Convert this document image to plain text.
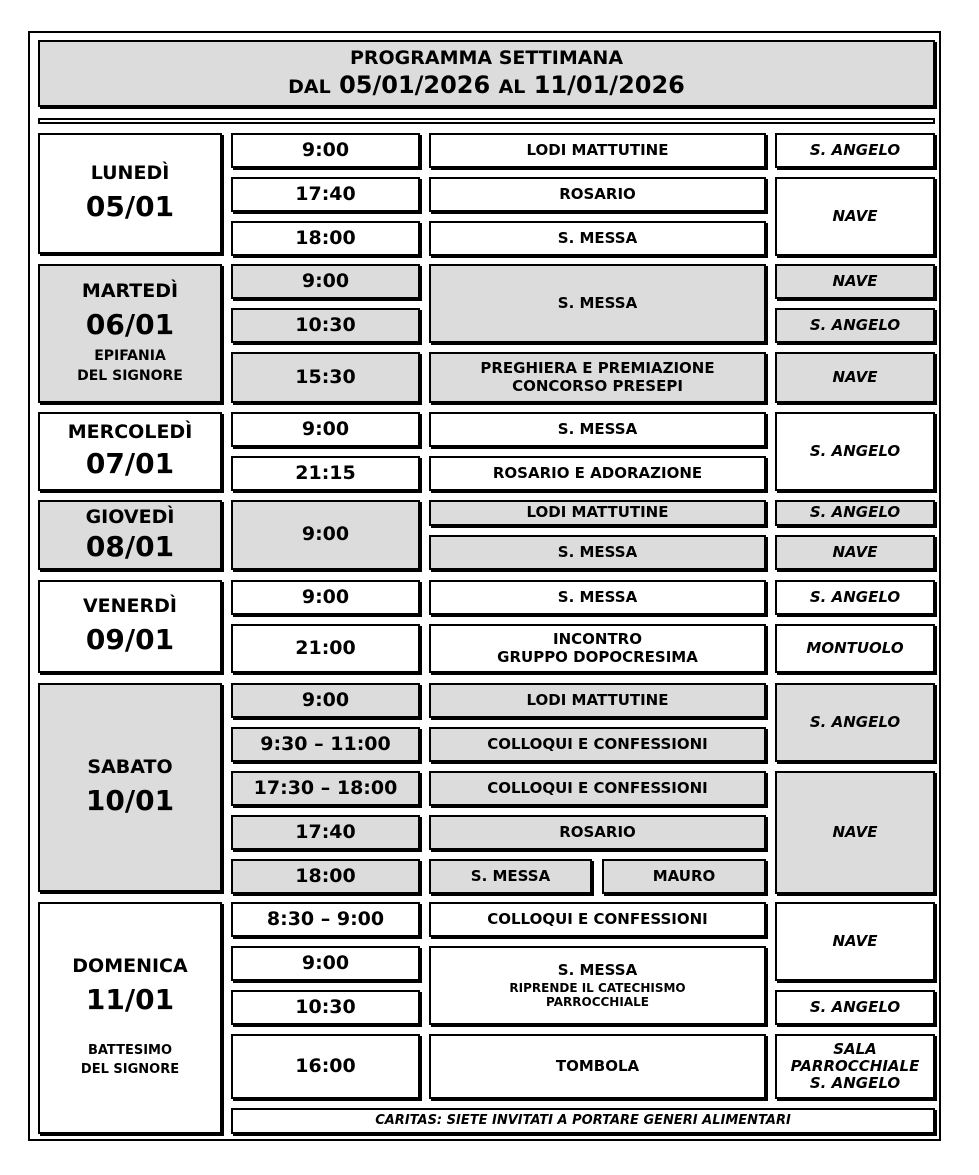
PROGRAMMA SETTIMANA
DAL 05/01/2026 AL 11/01/2026
LUNEDÌ
05/01
9:00
17:40
18:00
LODI MATTUTINE
ROSARIO
S. MESSA
S. ANGELO
NAVE
MARTEDÌ
06/01
EPIFANIA
DEL SIGNORE
9:00
10:30
15:30
S. MESSA
PREGHIERA E PREMIAZIONE
CONCORSO PRESEPI
NAVE
S. ANGELO
NAVE
MERCOLEDÌ
07/01
9:00
21:15
S. MESSA
ROSARIO E ADORAZIONE
S. ANGELO
GIOVEDÌ
08/01	9:00
LODI MATTUTINE
S. MESSA
S. ANGELO
NAVE
VENERDÌ
09/01
9:00
21:00
S. MESSA
INCONTRO
GRUPPO DOPOCRESIMA
S. ANGELO
MONTUOLO
SABATO
10/01
9:00
9:30 – 11:00
17:30 – 18:00
17:40
18:00
LODI MATTUTINE
COLLOQUI E CONFESSIONI
COLLOQUI E CONFESSIONI
ROSARIO
S. MESSA	MAURO
S. ANGELO
NAVE
DOMENICA
11/01
BATTESIMO
DEL SIGNORE
8:30 – 9:00
9:00
10:30
16:00
COLLOQUI E CONFESSIONI
S. MESSA
RIPRENDE IL CATECHISMO
PARROCCHIALE
TOMBOLA
NAVE
S. ANGELO
SALA
PARROCCHIALE
S. ANGELO
CARITAS: SIETE INVITATI A PORTARE GENERI ALIMENTARI
